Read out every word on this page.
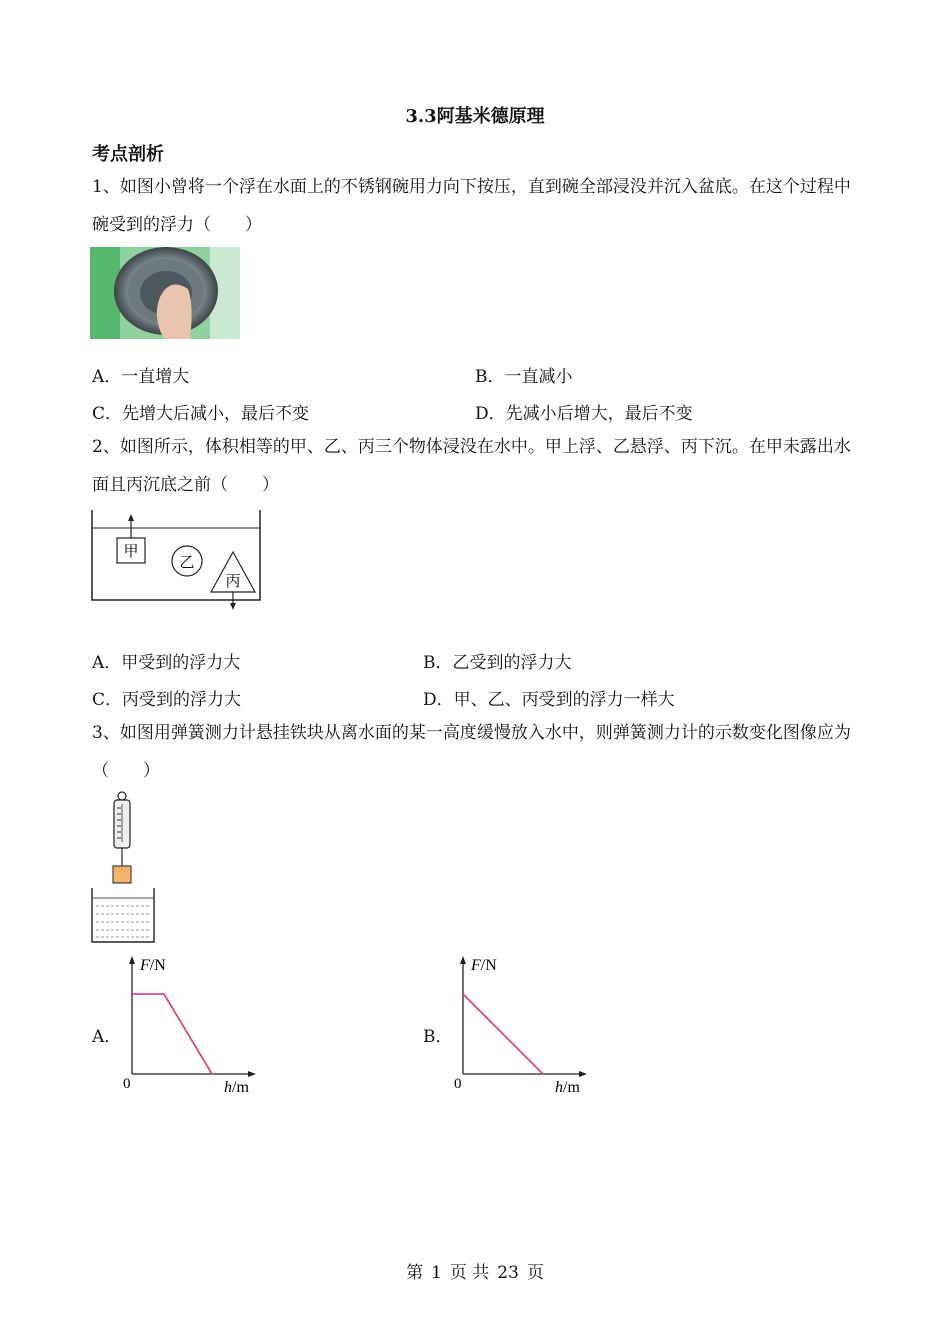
3.3阿基米德原理
考点剖析
1、如图小曾将一个浮在水面上的不锈钢碗用力向下按压，直到碗全部浸没并沉入盆底。在这个过程中碗受到的浮力（　　）
A．一直增大	B．一直减小
C．先增大后减小，最后不变	D．先减小后增大，最后不变
2、如图所示，体积相等的甲、乙、丙三个物体浸没在水中。甲上浮、乙悬浮、丙下沉。在甲未露出水面且丙沉底之前（　　）
甲
乙
丙
A．甲受到的浮力大	B．乙受到的浮力大
C．丙受到的浮力大	D．甲、乙、丙受到的浮力一样大
3、如图用弹簧测力计悬挂铁块从离水面的某一高度缓慢放入水中，则弹簧测力计的示数变化图像应为（　　）
A．
F/N
h/m
0
B．
F/N
h/m
0
第 1 页 共 23 页
